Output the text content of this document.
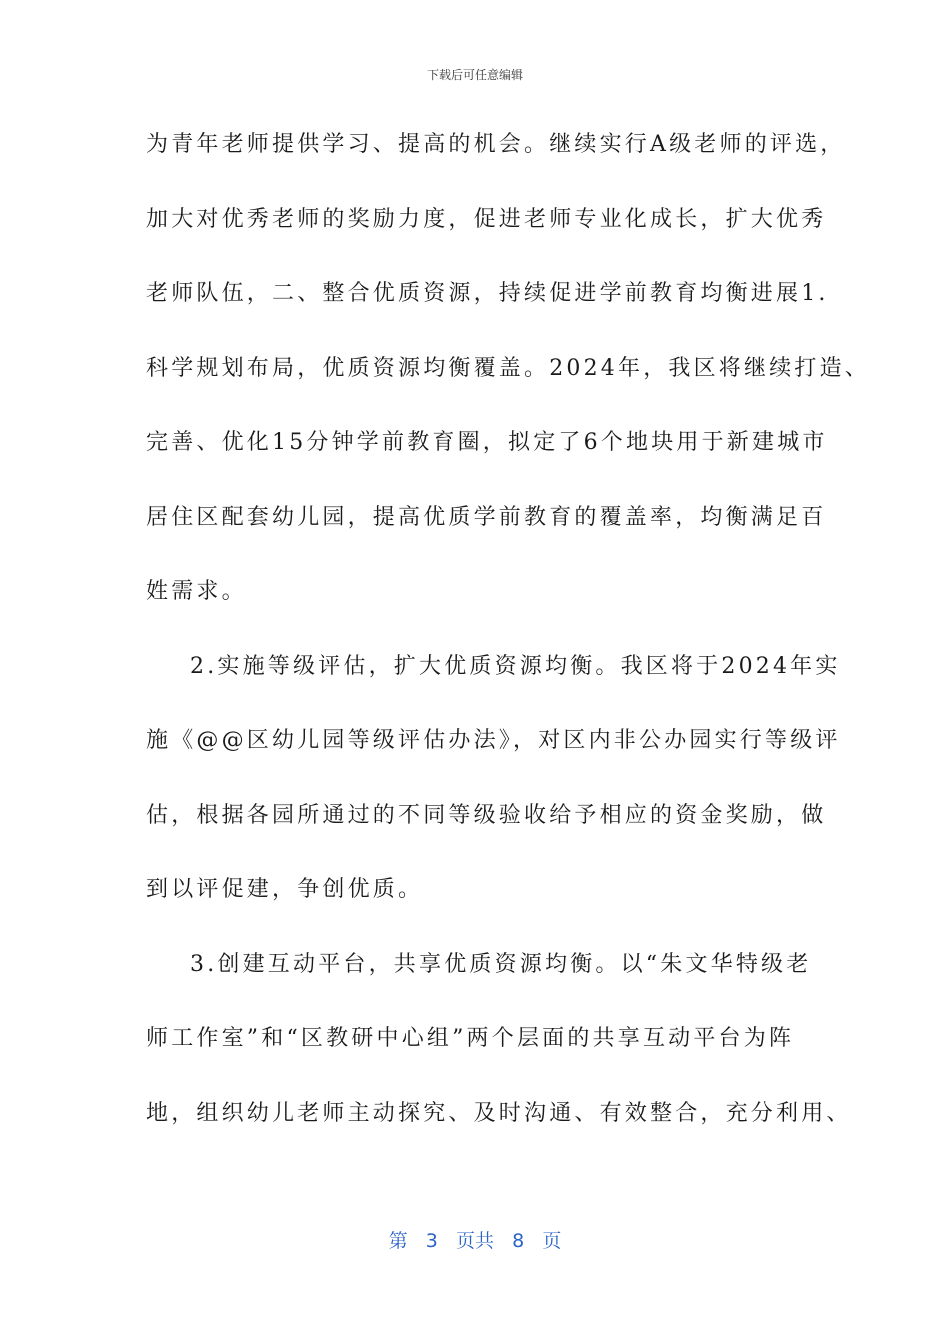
下载后可任意编辑
为青年老师提供学习、提高的机会。继续实行A级老师的评选，
加大对优秀老师的奖励力度，促进老师专业化成长，扩大优秀
老师队伍，二、整合优质资源，持续促进学前教育均衡进展1.
科学规划布局，优质资源均衡覆盖。2024年，我区将继续打造、
完善、优化15分钟学前教育圈，拟定了6个地块用于新建城市
居住区配套幼儿园，提高优质学前教育的覆盖率，均衡满足百
姓需求。
2.实施等级评估，扩大优质资源均衡。我区将于2024年实
施《@@区幼儿园等级评估办法》，对区内非公办园实行等级评
估，根据各园所通过的不同等级验收给予相应的资金奖励，做
到以评促建，争创优质。
3.创建互动平台，共享优质资源均衡。以“朱文华特级老
师工作室”和“区教研中心组”两个层面的共享互动平台为阵
地，组织幼儿老师主动探究、及时沟通、有效整合，充分利用、
第 3 页共 8 页
